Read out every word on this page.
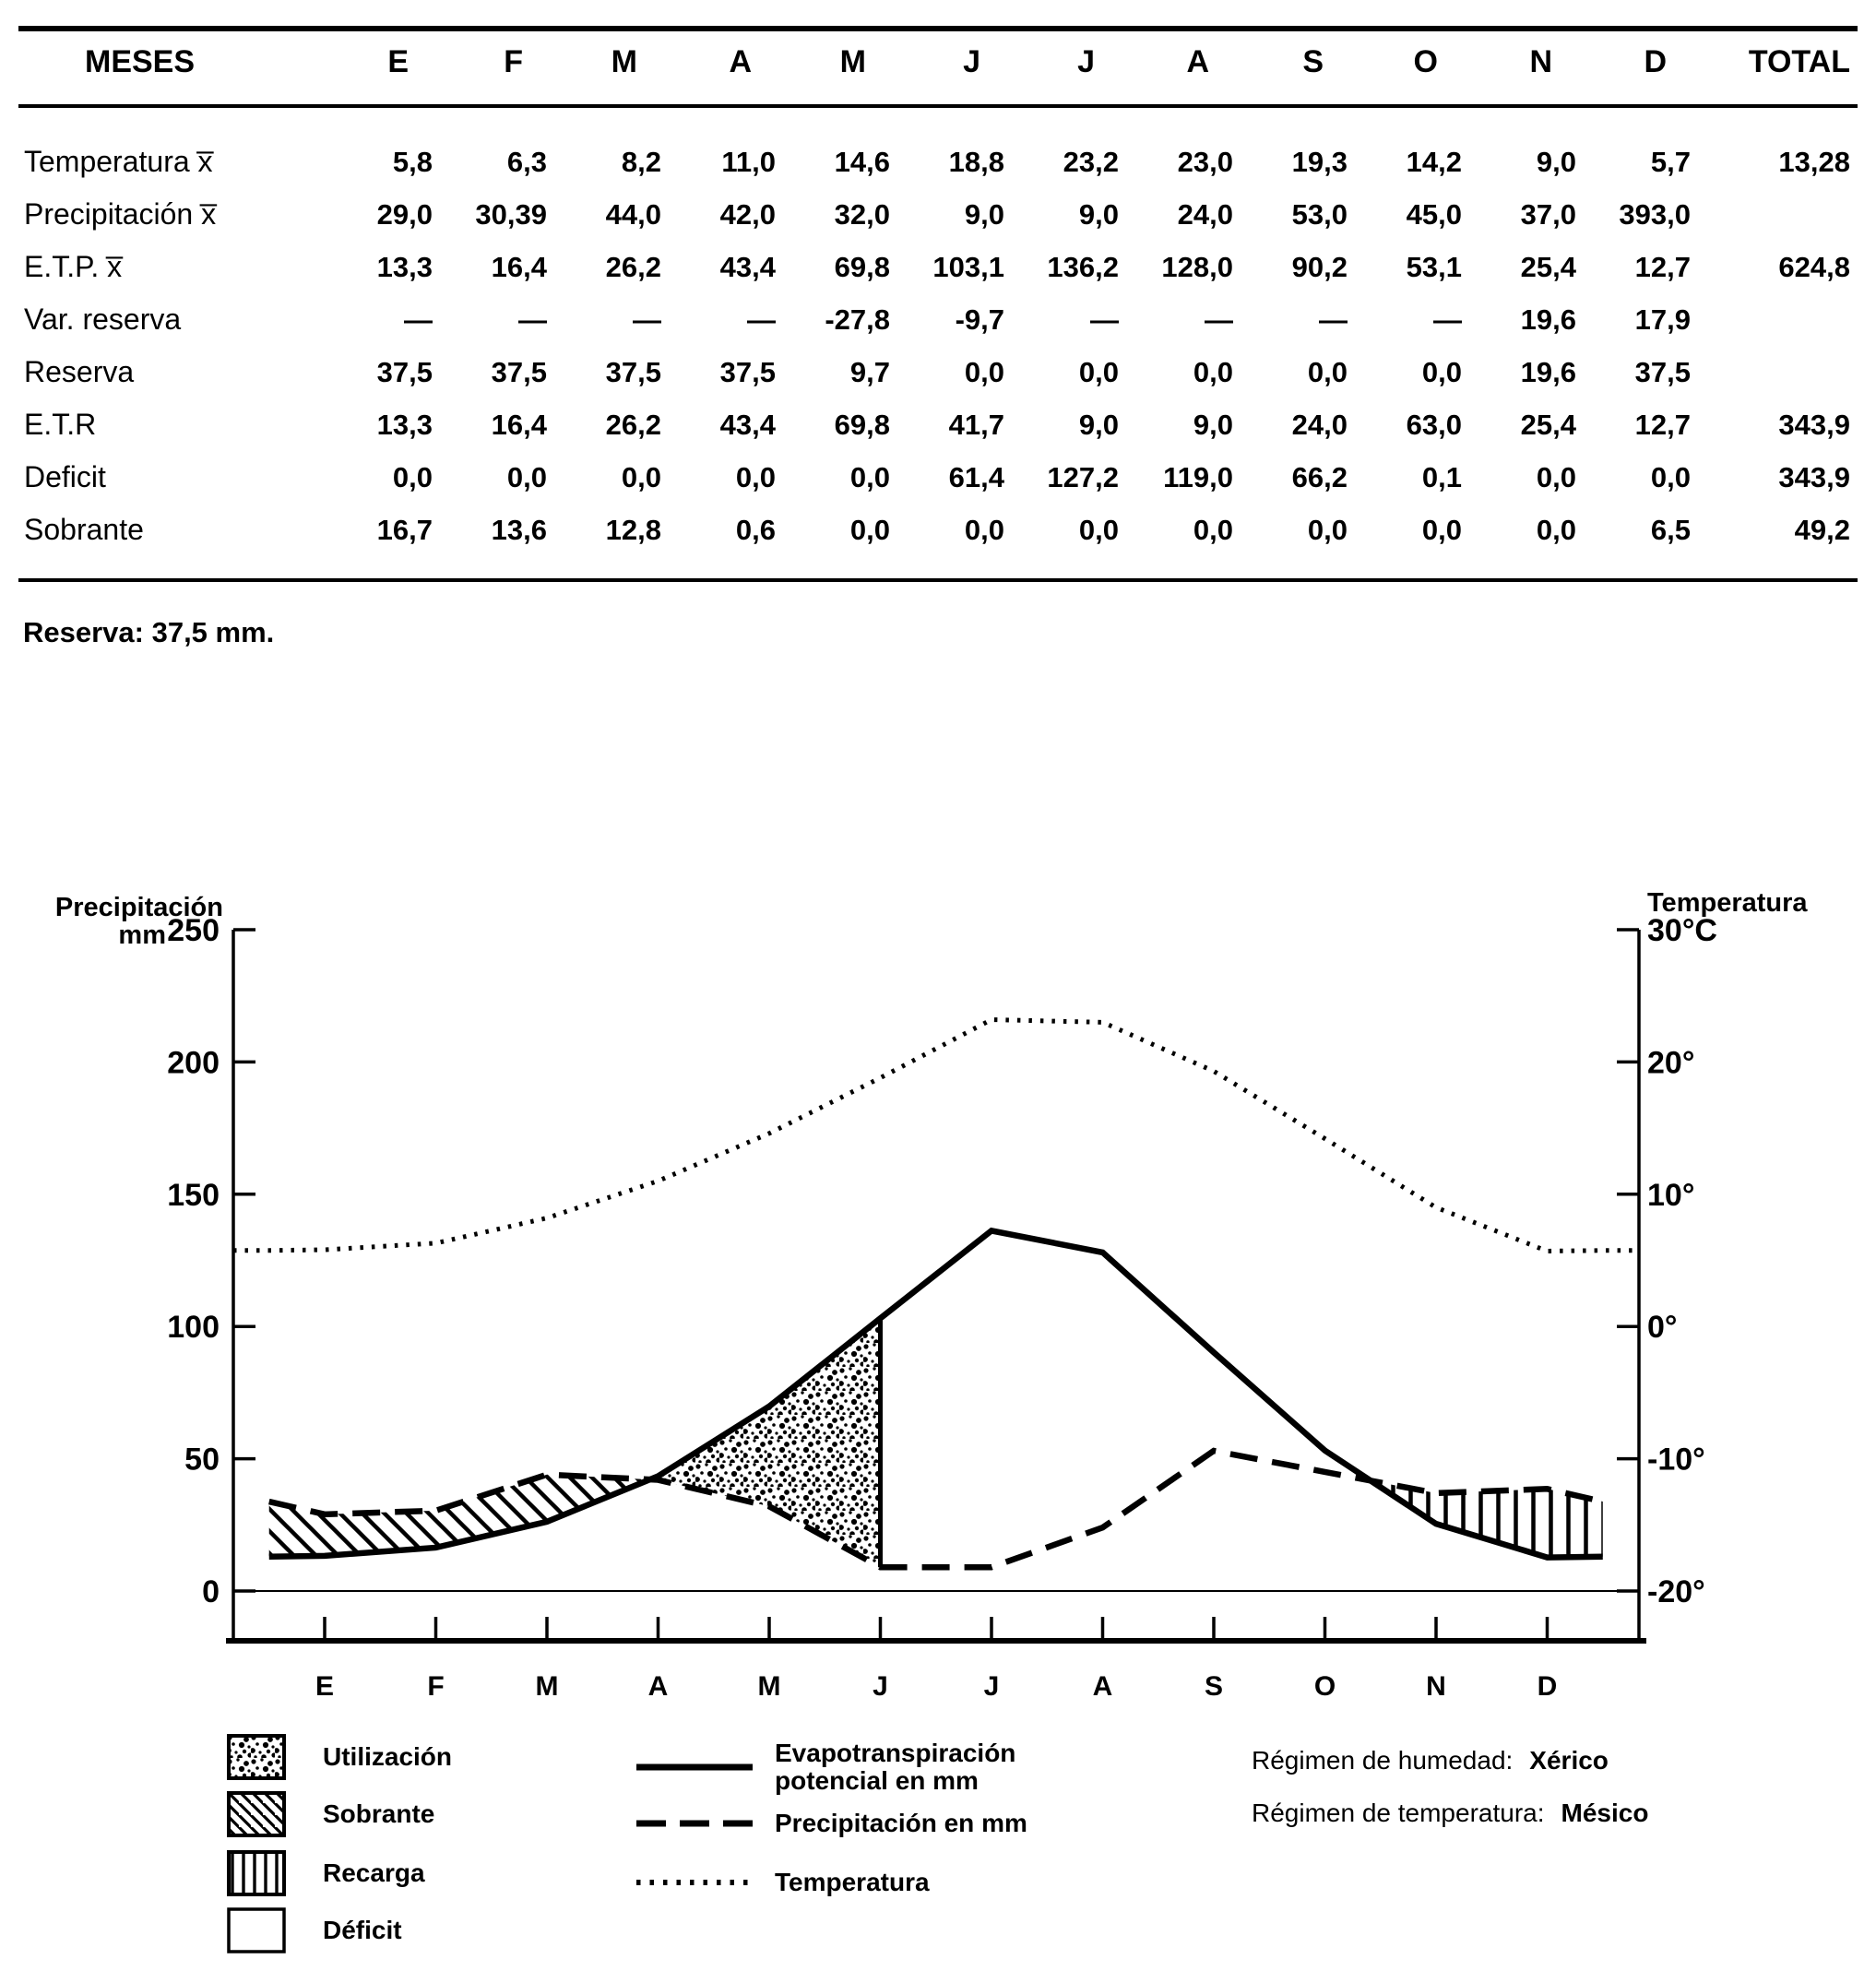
MESES	E	F	M	A	M	J	J	A	S	O	N	D	TOTAL
Temperatura x̅	5,8	6,3	8,2	11,0	14,6	18,8	23,2	23,0	19,3	14,2	9,0	5,7	13,28
Precipitación x̅	29,0	30,39	44,0	42,0	32,0	9,0	9,0	24,0	53,0	45,0	37,0	393,0	
E.T.P. x̅	13,3	16,4	26,2	43,4	69,8	103,1	136,2	128,0	90,2	53,1	25,4	12,7	624,8
Var. reserva	—	—	—	—	-27,8	-9,7	—	—	—	—	19,6	17,9	
Reserva	37,5	37,5	37,5	37,5	9,7	0,0	0,0	0,0	0,0	0,0	19,6	37,5	
E.T.R	13,3	16,4	26,2	43,4	69,8	41,7	9,0	9,0	24,0	63,0	25,4	12,7	343,9
Deficit	0,0	0,0	0,0	0,0	0,0	61,4	127,2	119,0	66,2	0,1	0,0	0,0	343,9
Sobrante	16,7	13,6	12,8	0,6	0,0	0,0	0,0	0,0	0,0	0,0	0,0	6,5	49,2
Reserva: 37,5 mm.
250
200
150
100
50
0
30°C
20°
10°
0°
-10°
-20°
E	F	M	A	M	J	J	A	S	O	N	D
Precipitación
mm
Temperatura
Utilización
Sobrante
Recarga
Déficit
Evapotranspiración potencial en mm
Precipitación en mm
Temperatura
Régimen de humedad: Xérico
Régimen de temperatura: Mésico
